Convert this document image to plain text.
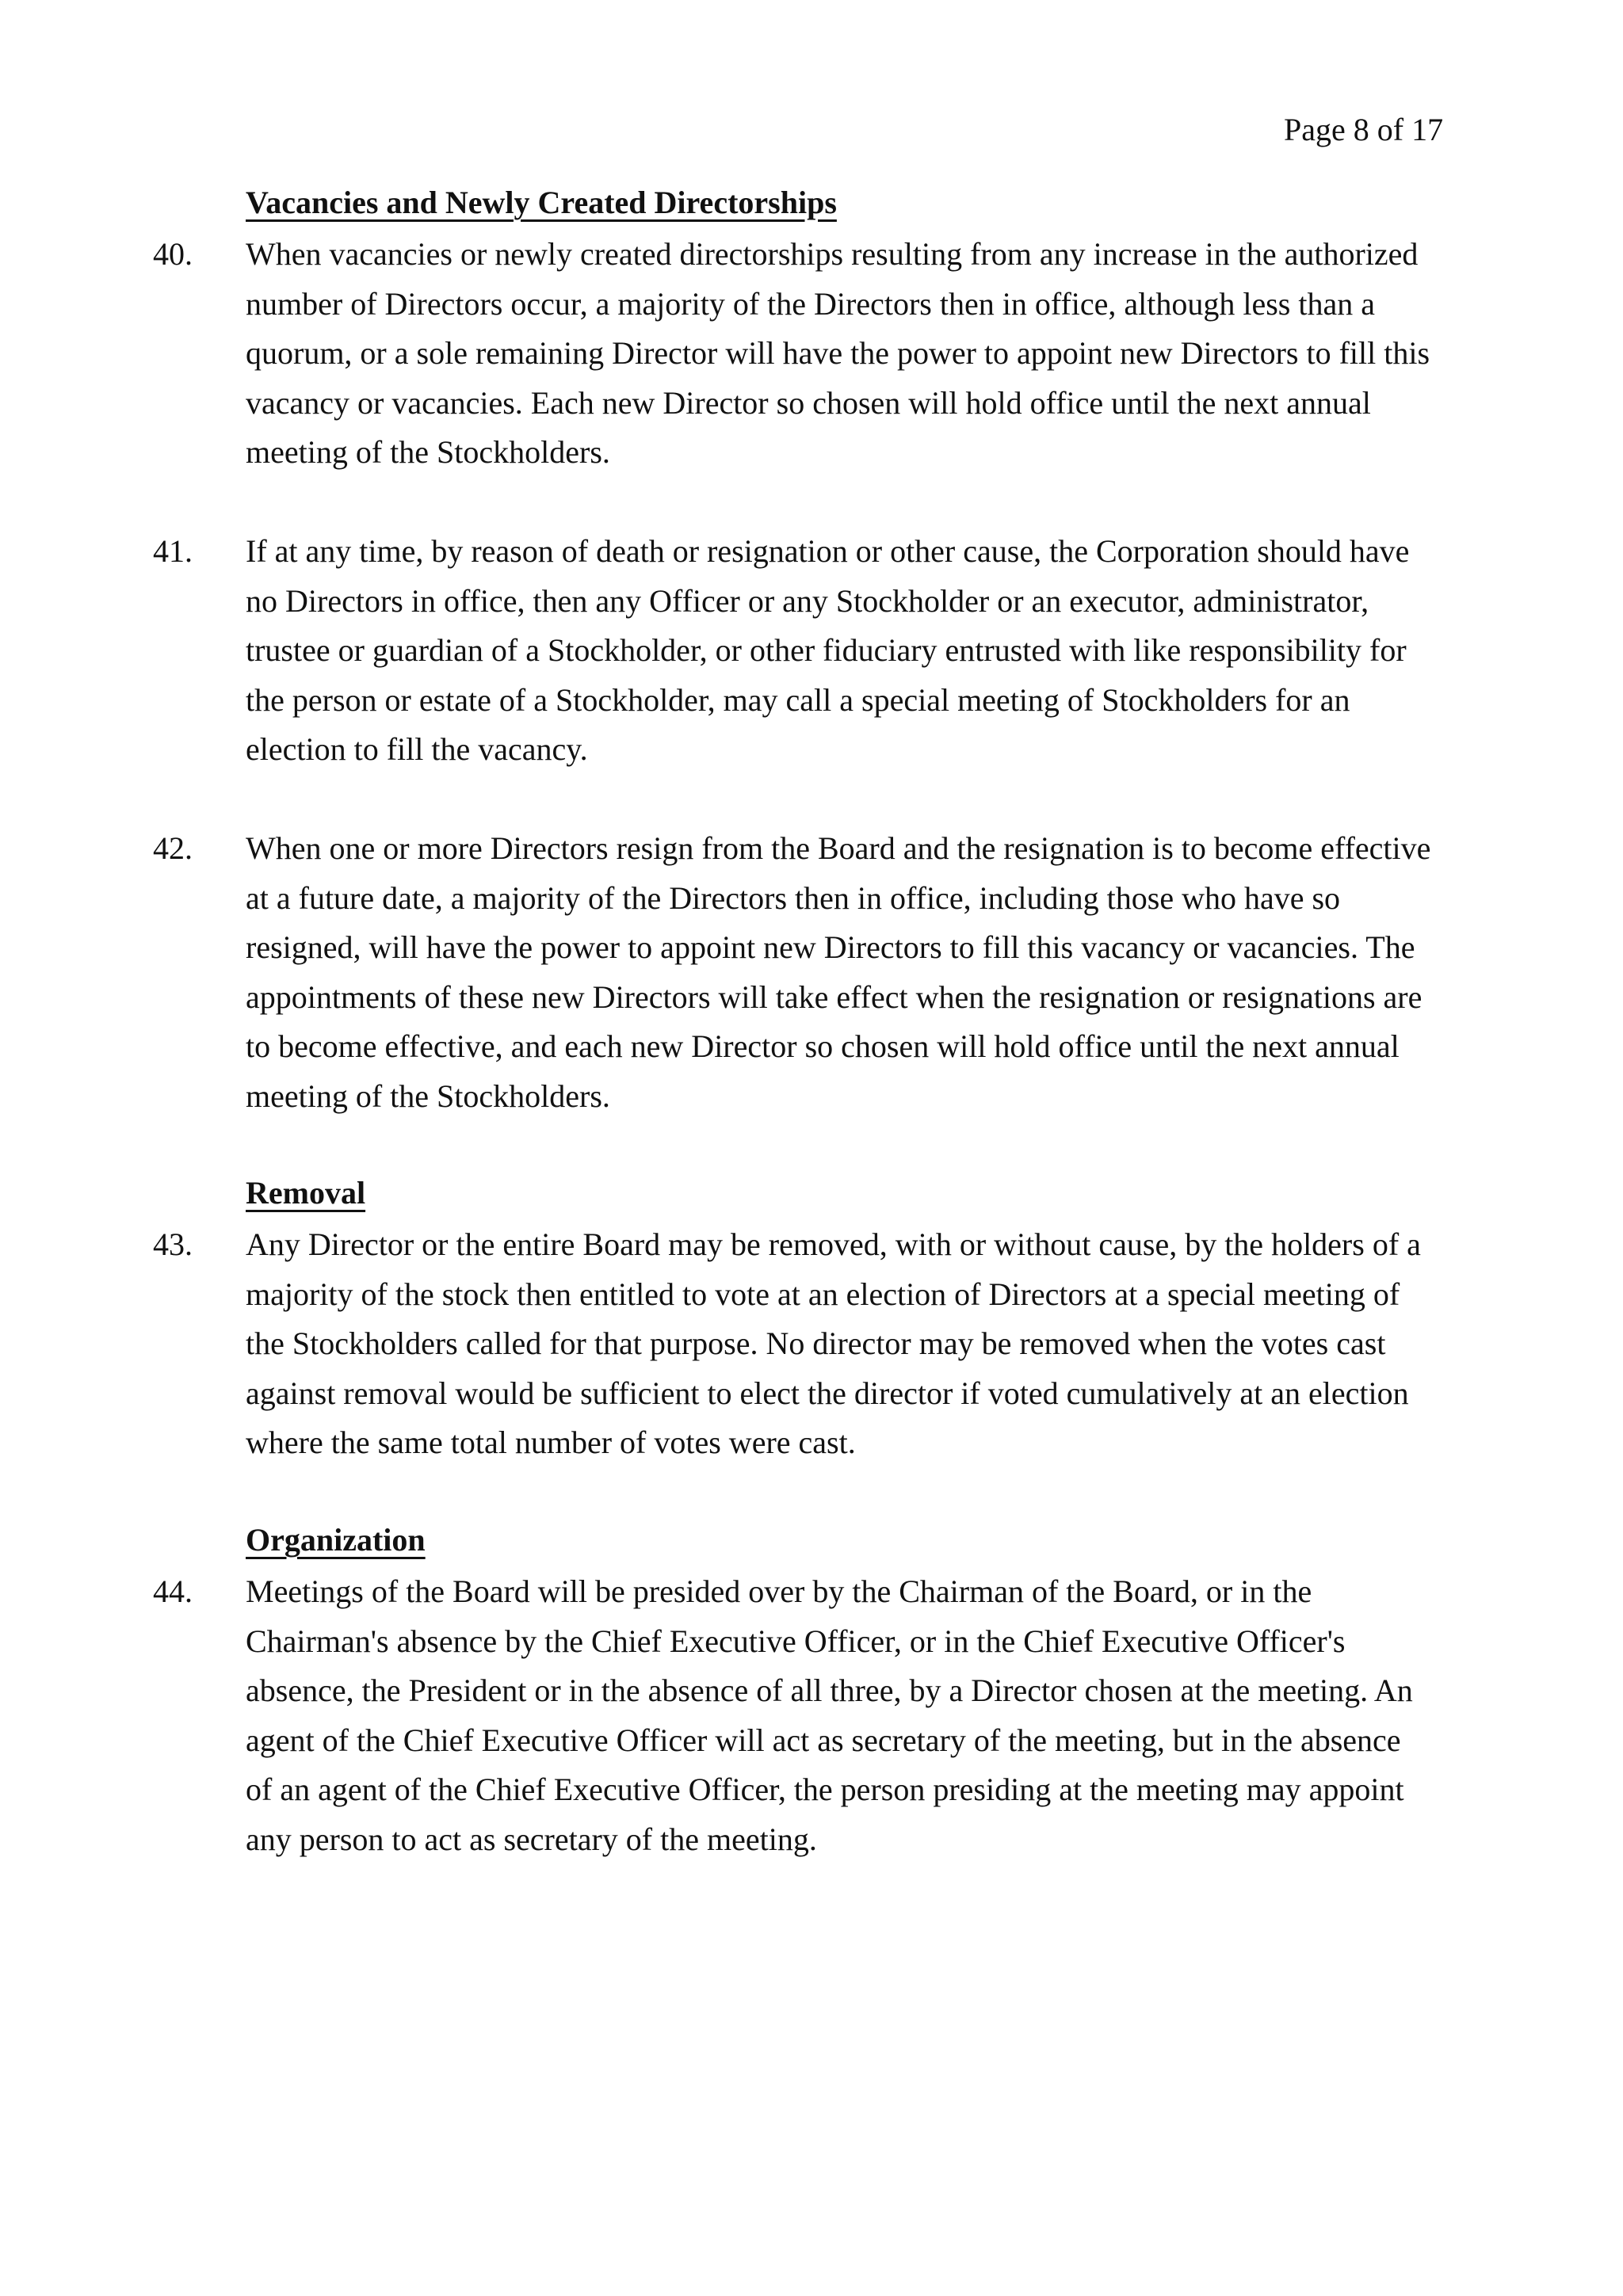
Page 8 of 17
Vacancies and Newly Created Directorships
40. When vacancies or newly created directorships resulting from any increase in the authorized
number of Directors occur, a majority of the Directors then in office, although less than a
quorum, or a sole remaining Director will have the power to appoint new Directors to fill this
vacancy or vacancies. Each new Director so chosen will hold office until the next annual
meeting of the Stockholders.
41. If at any time, by reason of death or resignation or other cause, the Corporation should have
no Directors in office, then any Officer or any Stockholder or an executor, administrator,
trustee or guardian of a Stockholder, or other fiduciary entrusted with like responsibility for
the person or estate of a Stockholder, may call a special meeting of Stockholders for an
election to fill the vacancy.
42. When one or more Directors resign from the Board and the resignation is to become effective
at a future date, a majority of the Directors then in office, including those who have so
resigned, will have the power to appoint new Directors to fill this vacancy or vacancies. The
appointments of these new Directors will take effect when the resignation or resignations are
to become effective, and each new Director so chosen will hold office until the next annual
meeting of the Stockholders.
Removal
43. Any Director or the entire Board may be removed, with or without cause, by the holders of a
majority of the stock then entitled to vote at an election of Directors at a special meeting of
the Stockholders called for that purpose. No director may be removed when the votes cast
against removal would be sufficient to elect the director if voted cumulatively at an election
where the same total number of votes were cast.
Organization
44. Meetings of the Board will be presided over by the Chairman of the Board, or in the
Chairman's absence by the Chief Executive Officer, or in the Chief Executive Officer's
absence, the President or in the absence of all three, by a Director chosen at the meeting. An
agent of the Chief Executive Officer will act as secretary of the meeting, but in the absence
of an agent of the Chief Executive Officer, the person presiding at the meeting may appoint
any person to act as secretary of the meeting.
